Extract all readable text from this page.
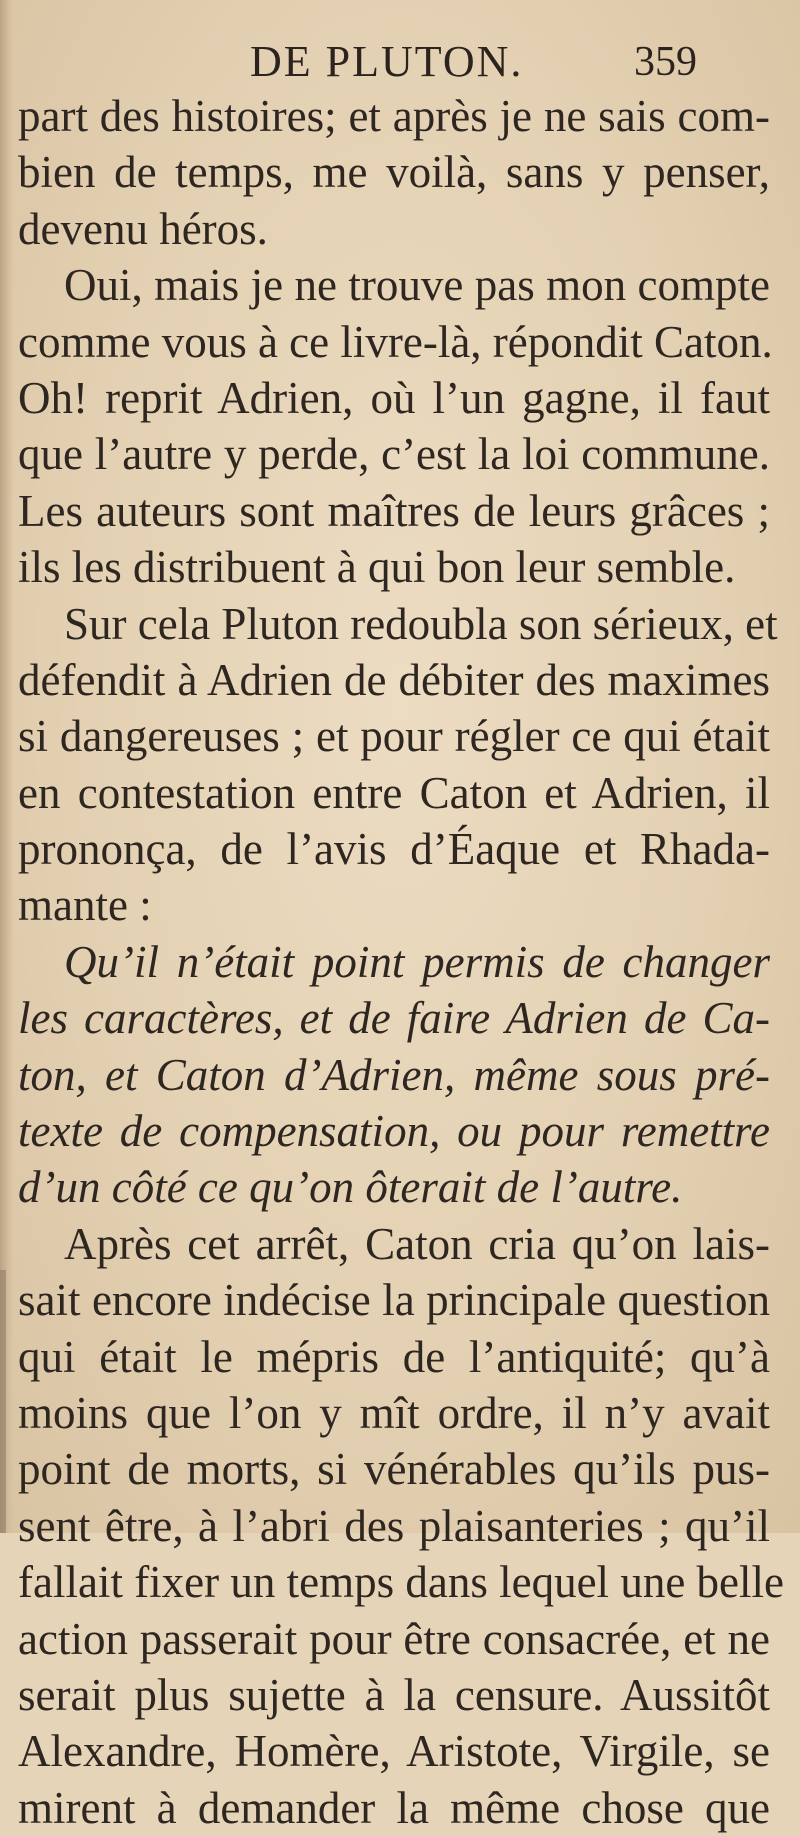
DE PLUTON.	359
part des histoires; et après je ne sais com-
bien de temps, me voilà, sans y penser,
devenu héros.
Oui, mais je ne trouve pas mon compte
comme vous à ce livre-là, répondit Caton.
Oh! reprit Adrien, où l’un gagne, il faut
que l’autre y perde, c’est la loi commune.
Les auteurs sont maîtres de leurs grâces ;
ils les distribuent à qui bon leur semble.
Sur cela Pluton redoubla son sérieux, et
défendit à Adrien de débiter des maximes
si dangereuses ; et pour régler ce qui était
en contestation entre Caton et Adrien, il
prononça, de l’avis d’Éaque et Rhada-
mante :
Qu’il n’était point permis de changer
les caractères, et de faire Adrien de Ca-
ton, et Caton d’Adrien, même sous pré-
texte de compensation, ou pour remettre
d’un côté ce qu’on ôterait de l’autre.
Après cet arrêt, Caton cria qu’on lais-
sait encore indécise la principale question
qui était le mépris de l’antiquité; qu’à
moins que l’on y mît ordre, il n’y avait
point de morts, si vénérables qu’ils pus-
sent être, à l’abri des plaisanteries ; qu’il
fallait fixer un temps dans lequel une belle
action passerait pour être consacrée, et ne
serait plus sujette à la censure. Aussitôt
Alexandre, Homère, Aristote, Virgile, se
mirent à demander la même chose que
